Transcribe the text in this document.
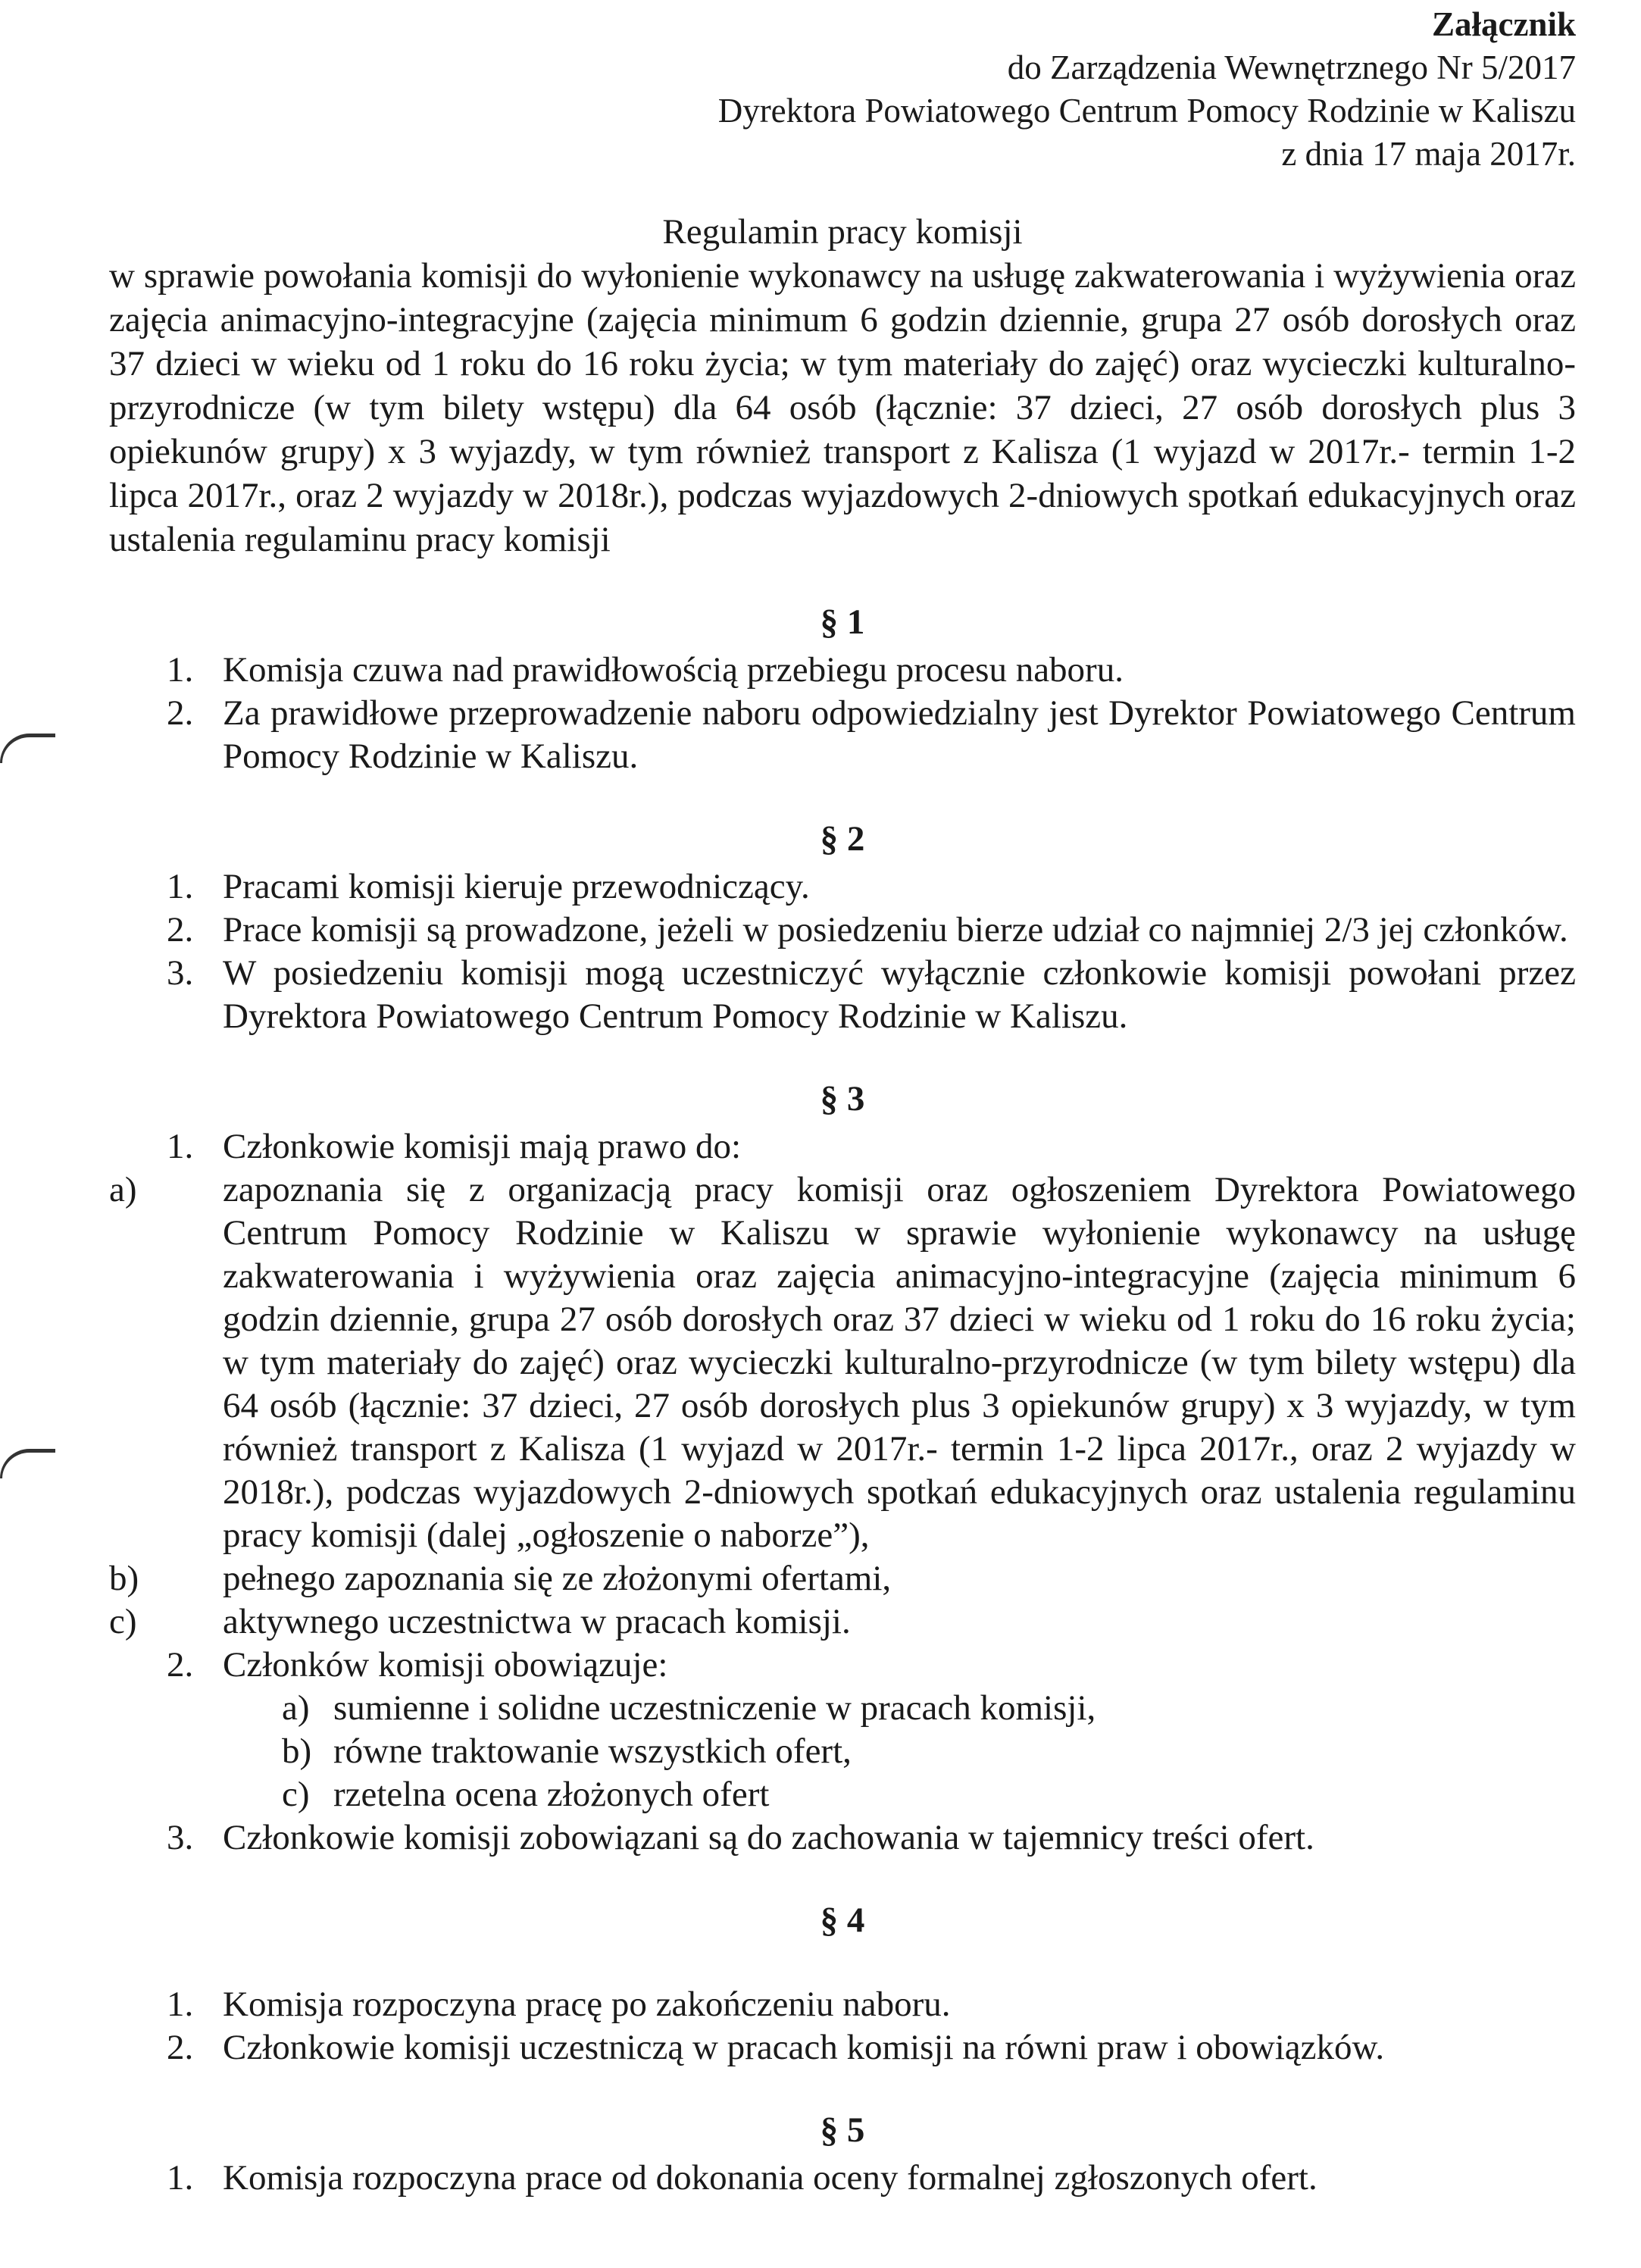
Załącznik
do Zarządzenia Wewnętrznego Nr 5/2017
Dyrektora Powiatowego Centrum Pomocy Rodzinie w Kaliszu
z dnia 17 maja 2017r.
Regulamin pracy komisji

w sprawie powołania komisji do wyłonienie wykonawcy na usługę zakwaterowania i wyżywienia oraz zajęcia animacyjno-integracyjne (zajęcia minimum 6 godzin dziennie, grupa 27 osób dorosłych oraz 37 dzieci w wieku od 1 roku do 16 roku życia; w tym materiały do zajęć) oraz wycieczki kulturalno-przyrodnicze (w tym bilety wstępu) dla 64 osób (łącznie: 37 dzieci, 27 osób dorosłych plus 3 opiekunów grupy) x 3 wyjazdy, w tym również transport z Kalisza (1 wyjazd w 2017r.- termin 1-2 lipca 2017r., oraz 2 wyjazdy w 2018r.), podczas wyjazdowych 2-dniowych spotkań edukacyjnych oraz ustalenia regulaminu pracy komisji

§ 1
1. Komisja czuwa nad prawidłowością przebiegu procesu naboru.
2. Za prawidłowe przeprowadzenie naboru odpowiedzialny jest Dyrektor Powiatowego Centrum Pomocy Rodzinie w Kaliszu.
§ 2
1. Pracami komisji kieruje przewodniczący.
2. Prace komisji są prowadzone, jeżeli w posiedzeniu bierze udział co najmniej 2/3 jej członków.
3. W posiedzeniu komisji mogą uczestniczyć wyłącznie członkowie komisji powołani przez Dyrektora Powiatowego Centrum Pomocy Rodzinie w Kaliszu.
§ 3
1. Członkowie komisji mają prawo do:
a) zapoznania się z organizacją pracy komisji oraz ogłoszeniem Dyrektora Powiatowego Centrum Pomocy Rodzinie w Kaliszu w sprawie wyłonienie wykonawcy na usługę zakwaterowania i wyżywienia oraz zajęcia animacyjno-integracyjne (zajęcia minimum 6 godzin dziennie, grupa 27 osób dorosłych oraz 37 dzieci w wieku od 1 roku do 16 roku życia; w tym materiały do zajęć) oraz wycieczki kulturalno-przyrodnicze (w tym bilety wstępu) dla 64 osób (łącznie: 37 dzieci, 27 osób dorosłych plus 3 opiekunów grupy) x 3 wyjazdy, w tym również transport z Kalisza (1 wyjazd w 2017r.- termin 1-2 lipca 2017r., oraz 2 wyjazdy w 2018r.), podczas wyjazdowych 2-dniowych spotkań edukacyjnych oraz ustalenia regulaminu pracy komisji (dalej „ogłoszenie o naborze”),
b) pełnego zapoznania się ze złożonymi ofertami,
c) aktywnego uczestnictwa w pracach komisji.
2. Członków komisji obowiązuje:
a) sumienne i solidne uczestniczenie w pracach komisji,
b) równe traktowanie wszystkich ofert,
c) rzetelna ocena złożonych ofert
3. Członkowie komisji zobowiązani są do zachowania w tajemnicy treści ofert.
§ 4
1. Komisja rozpoczyna pracę po zakończeniu naboru.
2. Członkowie komisji uczestniczą w pracach komisji na równi praw i obowiązków.
§ 5
1. Komisja rozpoczyna prace od dokonania oceny formalnej zgłoszonych ofert.
